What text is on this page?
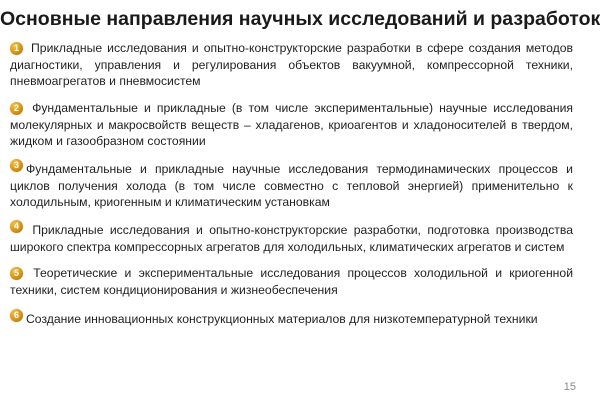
Основные направления научных исследований и разработок
1 Прикладные исследования и опытно-конструкторские разработки в сфере создания методов диагностики, управления и регулирования объектов вакуумной, компрессорной техники, пневмоагрегатов и пневмосистем
2 Фундаментальные и прикладные (в том числе экспериментальные) научные исследования молекулярных и макросвойств веществ – хладагенов, криоагентов и хладоносителей в твердом, жидком и газообразном состоянии
3 Фундаментальные и прикладные научные исследования термодинамических процессов и циклов получения холода (в том числе совместно с тепловой энергией) применительно к холодильным, криогенным и климатическим установкам
4 Прикладные исследования и опытно-конструкторские разработки, подготовка производства широкого спектра компрессорных агрегатов для холодильных, климатических агрегатов и систем
5 Теоретические и экспериментальные исследования процессов холодильной и криогенной техники, систем кондиционирования и жизнеобеспечения
6 Создание инновационных конструкционных материалов для низкотемпературной техники
15
